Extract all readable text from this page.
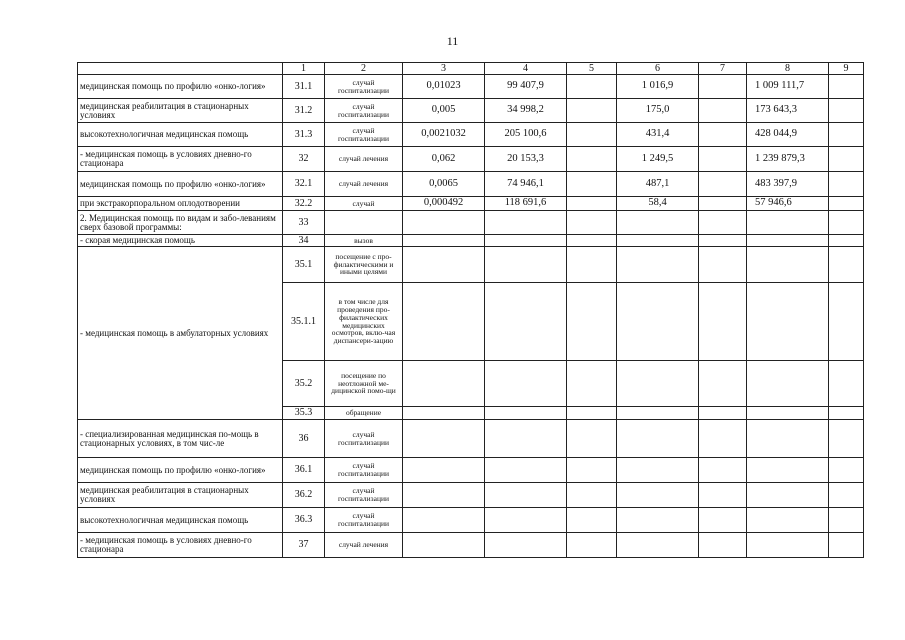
11
	1	2	3	4	5	6	7	8	9
медицинская помощь по профилю «онко-логия»	31.1	случай госпитализации	0,01023	99 407,9		1 016,9		1 009 111,7	
медицинская реабилитация в стационарных условиях	31.2	случай госпитализации	0,005	34 998,2		175,0		173 643,3	
высокотехнологичная медицинская помощь	31.3	случай госпитализации	0,0021032	205 100,6		431,4		428 044,9	
- медицинская помощь в условиях дневно-го стационара	32	случай лечения	0,062	20 153,3		1 249,5		1 239 879,3	
медицинская помощь по профилю «онко-логия»	32.1	случай лечения	0,0065	74 946,1		487,1		483 397,9	
при экстракорпоральном оплодотворении	32.2	случай	0,000492	118 691,6		58,4		57 946,6	
2. Медицинская помощь по видам и забо-леваниям сверх базовой программы:	33								
- скорая медицинская помощь	34	вызов							
- медицинская помощь в амбулаторных условиях	35.1	посещение с про-филактическими и иными целями							
	35.1.1	в том числе для проведения про-филактических медицинских осмотров, вклю-чая диспансери-зацию							
	35.2	посещение по неотложной ме-дицинской помо-щи							
	35.3	обращение							
- специализированная медицинская по-мощь в стационарных условиях, в том чис-ле	36	случай госпитализации							
медицинская помощь по профилю «онко-логия»	36.1	случай госпитализации							
медицинская реабилитация в стационарных условиях	36.2	случай госпитализации							
высокотехнологичная медицинская помощь	36.3	случай госпитализации							
- медицинская помощь в условиях дневно-го стационара	37	случай лечения							
